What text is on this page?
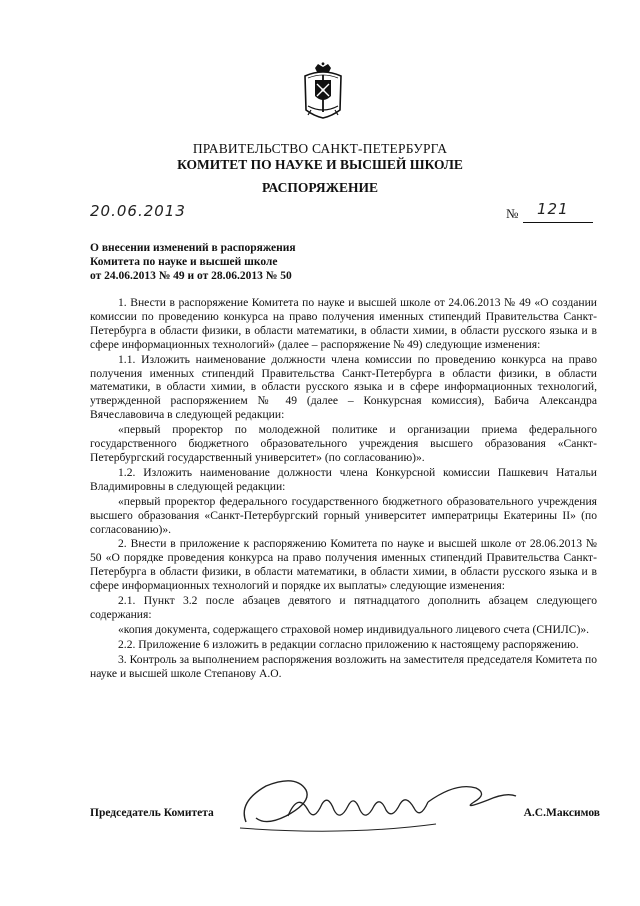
ПРАВИТЕЛЬСТВО САНКТ-ПЕТЕРБУРГА
КОМИТЕТ ПО НАУКЕ И ВЫСШЕЙ ШКОЛЕ
РАСПОРЯЖЕНИЕ
20.06.2013	№ 121
О внесении изменений в распоряжения
Комитета по науке и высшей школе
от 24.06.2013 № 49 и от 28.06.2013 № 50

1. Внести в распоряжение Комитета по науке и высшей школе от 24.06.2013 № 49 «О создании комиссии по проведению конкурса на право получения именных стипендий Правительства Санкт-Петербурга в области физики, в области математики, в области химии, в области русского языка и в сфере информационных технологий» (далее – распоряжение № 49) следующие изменения:

1.1. Изложить наименование должности члена комиссии по проведению конкурса на право получения именных стипендий Правительства Санкт-Петербурга в области физики, в области математики, в области химии, в области русского языка и в сфере информационных технологий, утвержденной распоряжением № 49 (далее – Конкурсная комиссия), Бабича Александра Вячеславовича в следующей редакции:

«первый проректор по молодежной политике и организации приема федерального государственного бюджетного образовательного учреждения высшего образования «Санкт-Петербургский государственный университет» (по согласованию)».

1.2. Изложить наименование должности члена Конкурсной комиссии Пашкевич Натальи Владимировны в следующей редакции:

«первый проректор федерального государственного бюджетного образовательного учреждения высшего образования «Санкт-Петербургский горный университет императрицы Екатерины II» (по согласованию)».

2. Внести в приложение к распоряжению Комитета по науке и высшей школе от 28.06.2013 № 50 «О порядке проведения конкурса на право получения именных стипендий Правительства Санкт-Петербурга в области физики, в области математики, в области химии, в области русского языка и в сфере информационных технологий и порядке их выплаты» следующие изменения:

2.1. Пункт 3.2 после абзацев девятого и пятнадцатого дополнить абзацем следующего содержания:

«копия документа, содержащего страховой номер индивидуального лицевого счета (СНИЛС)».

2.2. Приложение 6 изложить в редакции согласно приложению к настоящему распоряжению.

3. Контроль за выполнением распоряжения возложить на заместителя председателя Комитета по науке и высшей школе Степанову А.О.

Председатель Комитета	А.С.Максимов
